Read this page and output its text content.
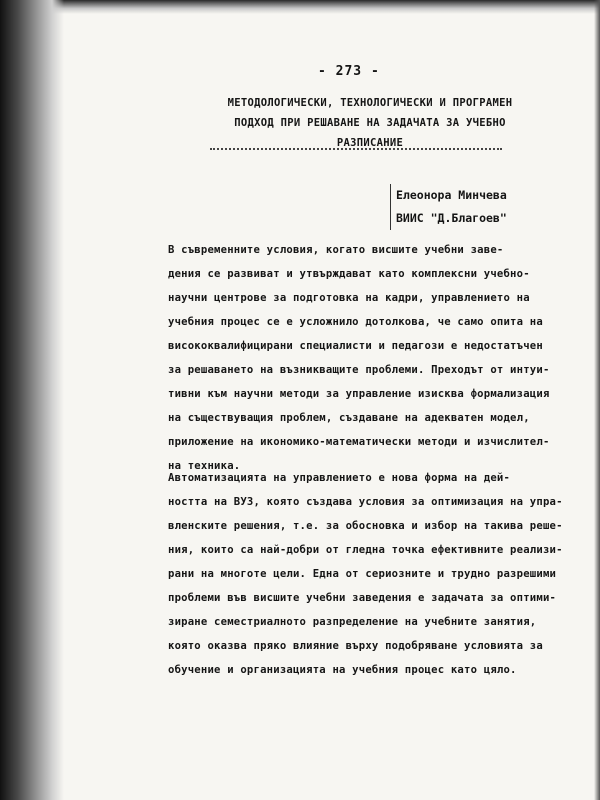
- 273 -
МЕТОДОЛОГИЧЕСКИ, ТЕХНОЛОГИЧЕСКИ И ПРОГРАМЕН
ПОДХОД ПРИ РЕШАВАНЕ НА ЗАДАЧАТА ЗА УЧЕБНО
РАЗПИСАНИЕ
Елеонора Минчева
ВИИС "Д.Благоев"
В съвременните условия, когато висшите учебни заве-
дения се развиват и утвърждават като комплексни учебно-
научни центрове за подготовка на кадри, управлението на
учебния процес се е усложнило дотолкова, че само опита на
висококвалифицирани специалисти и педагози е недостатъчен
за решаването на възникващите проблеми. Преходът от интуи-
тивни към научни методи за управление изисква формализация
на съществуващия проблем, създаване на адекватен модел,
приложение на икономико-математически методи и изчислител-
на техника.
Автоматизацията на управлението е нова форма на дей-
ността на ВУЗ, която създава условия за оптимизация на упра-
вленските решения, т.е. за обосновка и избор на такива реше-
ния, които са най-добри от гледна точка ефективните реализи-
рани на многоте цели. Една от сериозните и трудно разрешими
проблеми във висшите учебни заведения е задачата за оптими-
зиране семестриалното разпределение на учебните занятия,
която оказва пряко влияние върху подобряване условията за
обучение и организацията на учебния процес като цяло.
